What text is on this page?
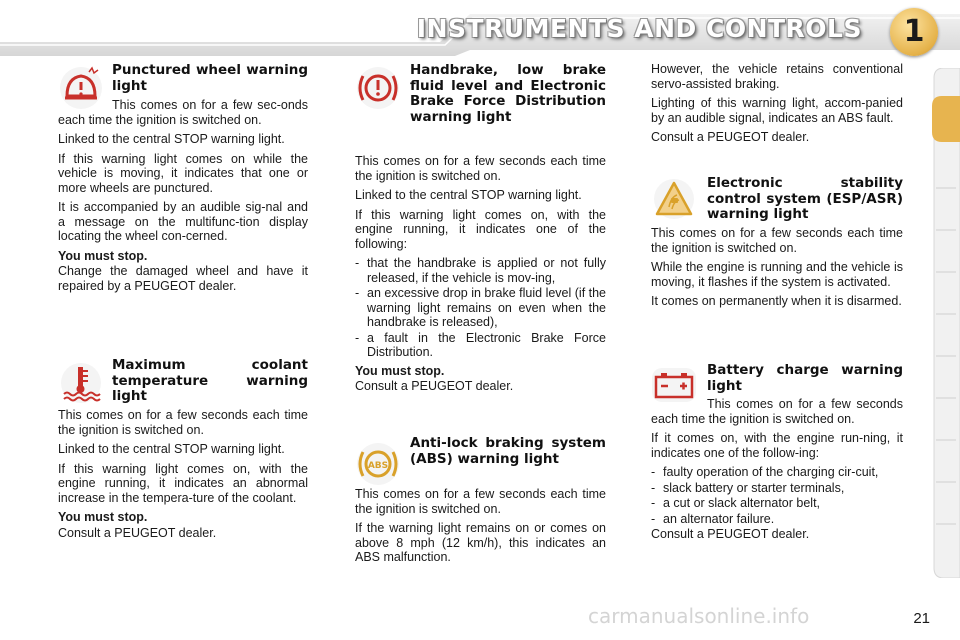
INSTRUMENTS AND CONTROLS	1
Punctured wheel warning light

This comes on for a few sec-onds each time the ignition is switched on.

Linked to the central STOP warning light.

If this warning light comes on while the vehicle is moving, it indicates that one or more wheels are punctured.

It is accompanied by an audible sig-nal and a message on the multifunc-tion display locating the wheel con-cerned.

You must stop.

Change the damaged wheel and have it repaired by a PEUGEOT dealer.

Maximum coolant temperature warning light

This comes on for a few seconds each time the ignition is switched on.

Linked to the central STOP warning light.

If this warning light comes on, with the engine running, it indicates an abnormal increase in the tempera-ture of the coolant.

You must stop.

Consult a PEUGEOT dealer.

Handbrake, low brake fluid level and Electronic Brake Force Distribution warning light

This comes on for a few seconds each time the ignition is switched on.

Linked to the central STOP warning light.

If this warning light comes on, with the engine running, it indicates one of the following:

- that the handbrake is applied or not fully released, if the vehicle is mov-ing,
- an excessive drop in brake fluid level (if the warning light remains on even when the handbrake is released),
- a fault in the Electronic Brake Force Distribution.

You must stop.

Consult a PEUGEOT dealer.

ABS
Anti-lock braking system (ABS) warning light

This comes on for a few seconds each time the ignition is switched on.

If the warning light remains on or comes on above 8 mph (12 km/h), this indicates an ABS malfunction.

However, the vehicle retains conventional servo-assisted braking.

Lighting of this warning light, accom-panied by an audible signal, indicates an ABS fault.

Consult a PEUGEOT dealer.

Electronic stability control system (ESP/ASR) warning light

This comes on for a few seconds each time the ignition is switched on.

While the engine is running and the vehicle is moving, it flashes if the system is activated.

It comes on permanently when it is disarmed.

Battery charge warning light

This comes on for a few seconds each time the ignition is switched on.

If it comes on, with the engine run-ning, it indicates one of the follow-ing:

- faulty operation of the charging cir-cuit,
- slack battery or starter terminals,
- a cut or slack alternator belt,
- an alternator failure.

Consult a PEUGEOT dealer.

carmanualsonline.info	21
